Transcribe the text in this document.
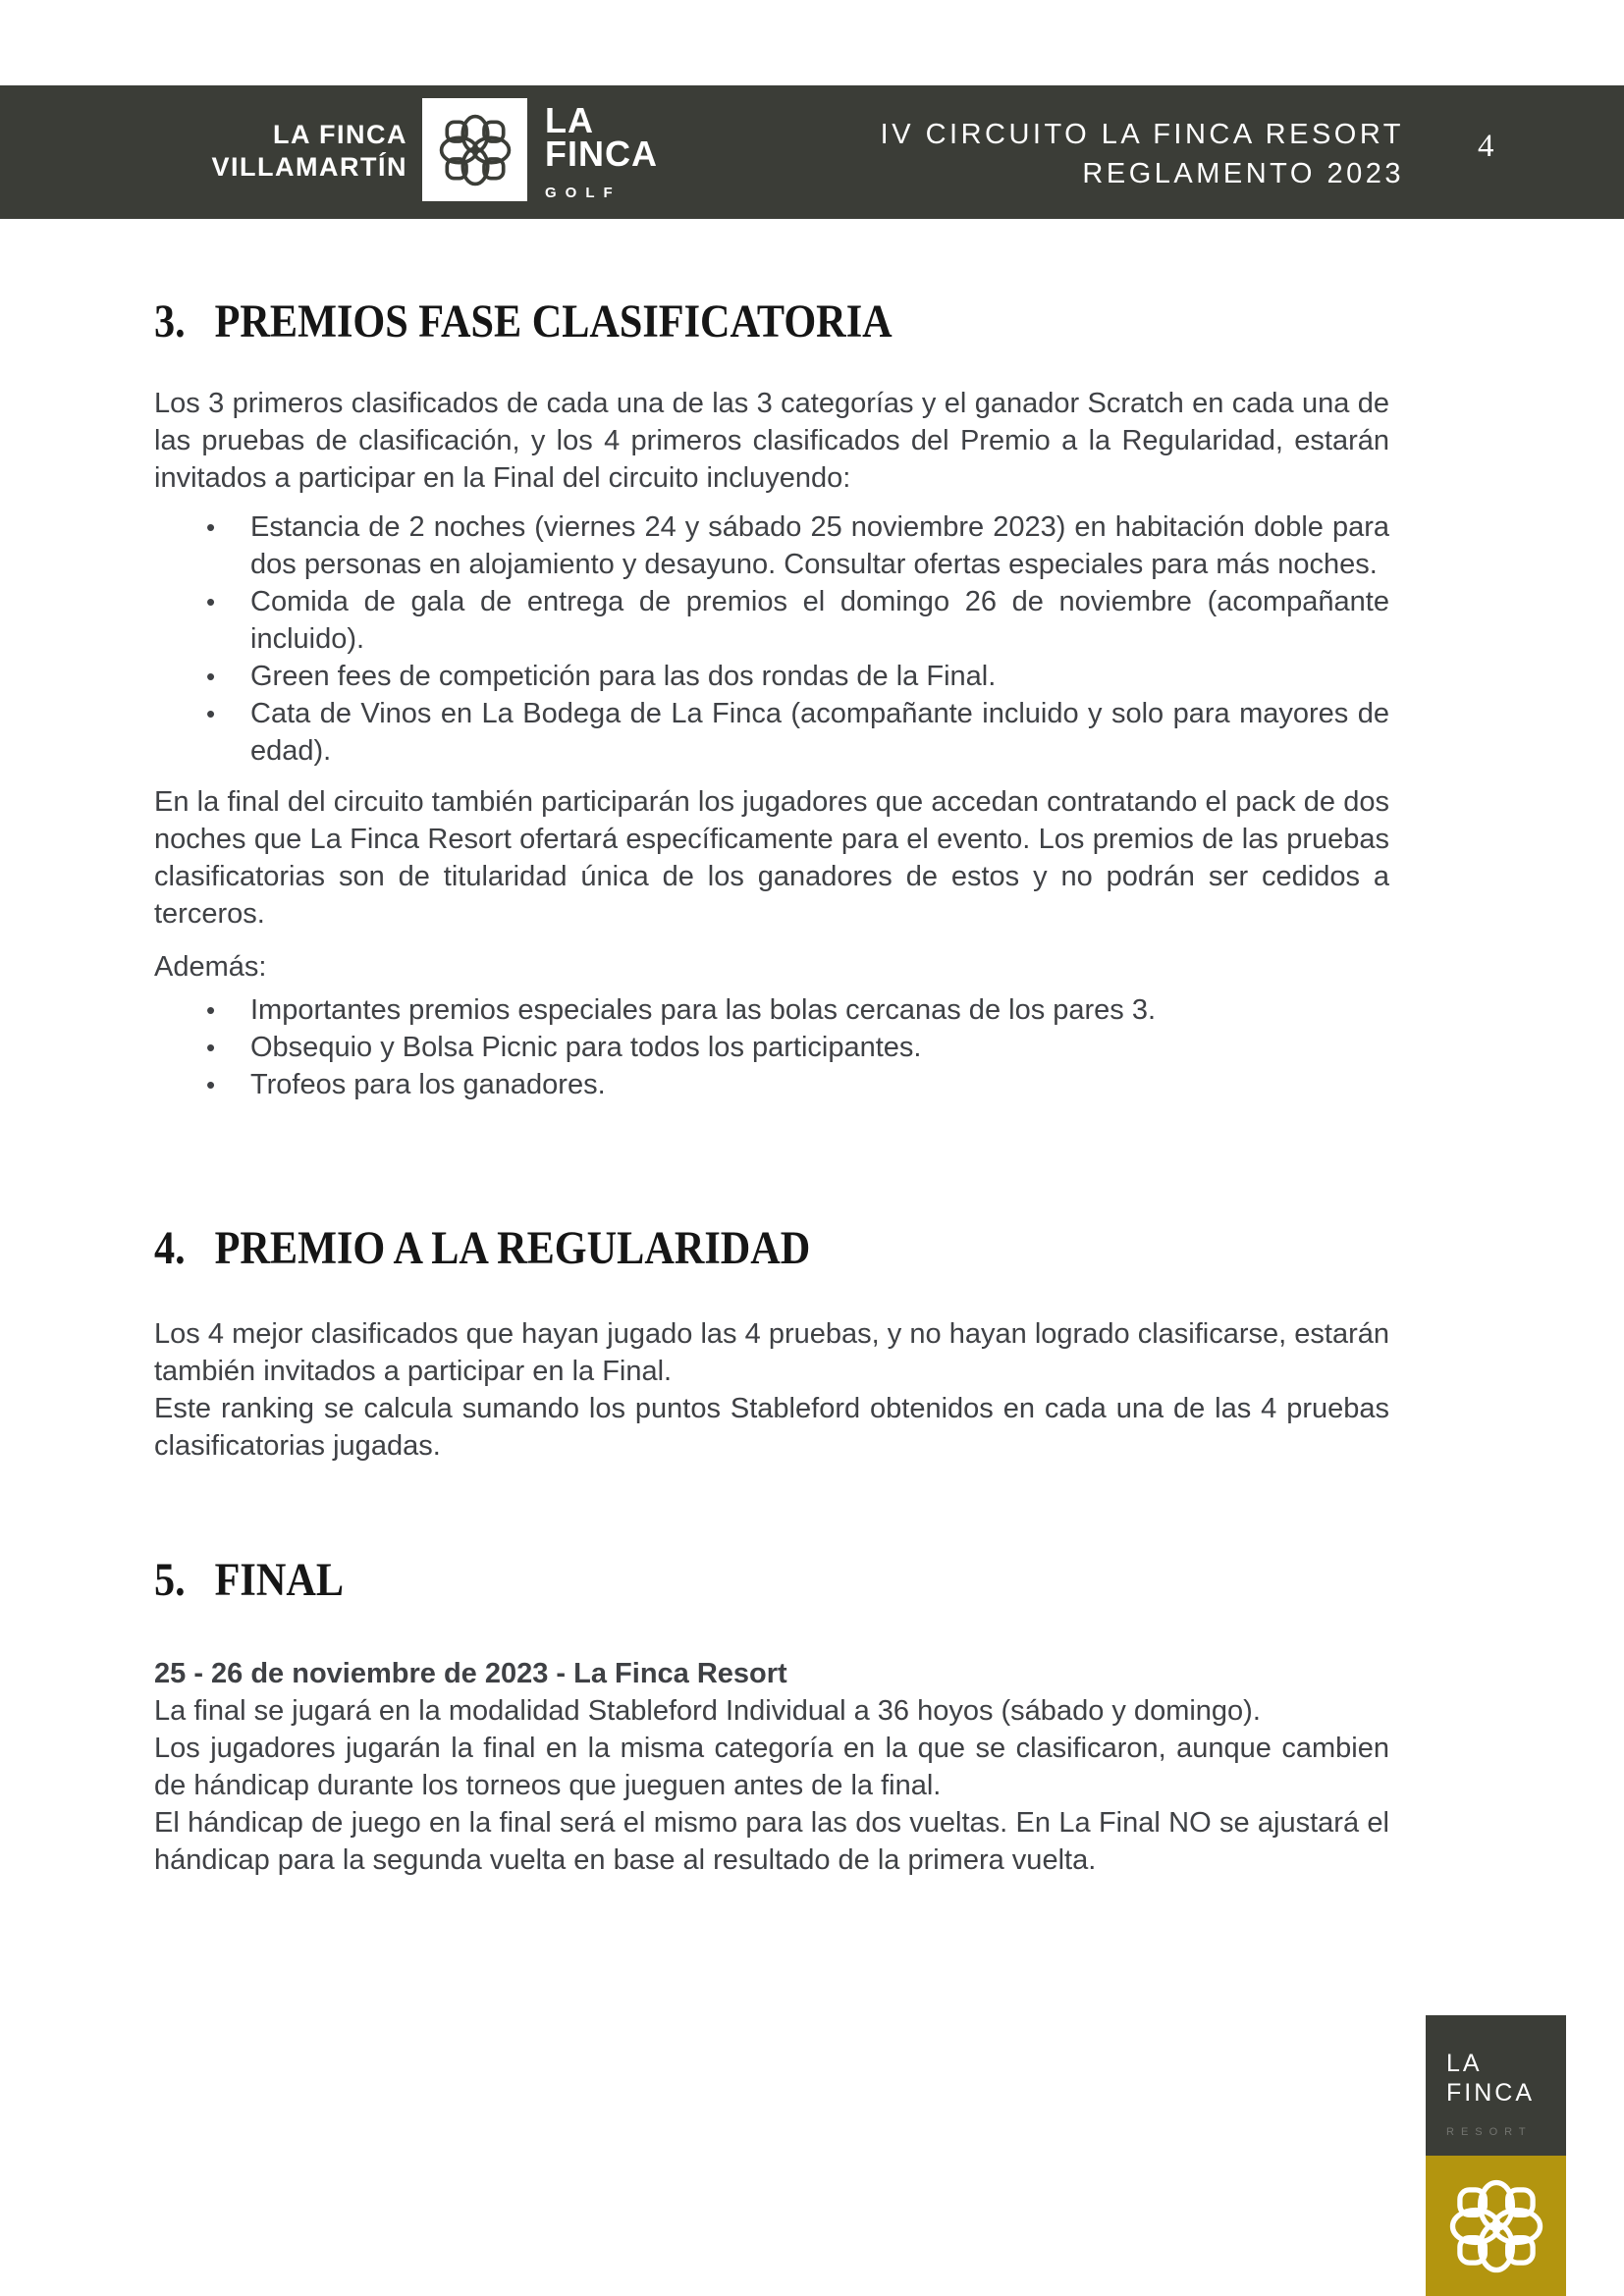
LA FINCA
VILLAMARTÍN
LA
FINCA
GOLF
IV CIRCUITO LA FINCA RESORT
REGLAMENTO 2023
4
3. PREMIOS FASE CLASIFICATORIA

Los 3 primeros clasificados de cada una de las 3 categorías y el ganador Scratch en cada una de las pruebas de clasificación, y los 4 primeros clasificados del Premio a la Regularidad, estarán invitados a participar en la Final del circuito incluyendo:

• Estancia de 2 noches (viernes 24 y sábado 25 noviembre 2023) en habitación doble para dos personas en alojamiento y desayuno. Consultar ofertas especiales para más noches.
• Comida de gala de entrega de premios el domingo 26 de noviembre (acompañante incluido).
• Green fees de competición para las dos rondas de la Final.
• Cata de Vinos en La Bodega de La Finca (acompañante incluido y solo para mayores de edad).

En la final del circuito también participarán los jugadores que accedan contratando el pack de dos noches que La Finca Resort ofertará específicamente para el evento. Los premios de las pruebas clasificatorias son de titularidad única de los ganadores de estos y no podrán ser cedidos a terceros.

Además:

• Importantes premios especiales para las bolas cercanas de los pares 3.
• Obsequio y Bolsa Picnic para todos los participantes.
• Trofeos para los ganadores.
4. PREMIO A LA REGULARIDAD

Los 4 mejor clasificados que hayan jugado las 4 pruebas, y no hayan logrado clasificarse, estarán también invitados a participar en la Final.

Este ranking se calcula sumando los puntos Stableford obtenidos en cada una de las 4 pruebas clasificatorias jugadas.

5. FINAL

25 - 26 de noviembre de 2023 - La Finca Resort

La final se jugará en la modalidad Stableford Individual a 36 hoyos (sábado y domingo).

Los jugadores jugarán la final en la misma categoría en la que se clasificaron, aunque cambien de hándicap durante los torneos que jueguen antes de la final.

El hándicap de juego en la final será el mismo para las dos vueltas. En La Final NO se ajustará el hándicap para la segunda vuelta en base al resultado de la primera vuelta.

LA
FINCA
RESORT
